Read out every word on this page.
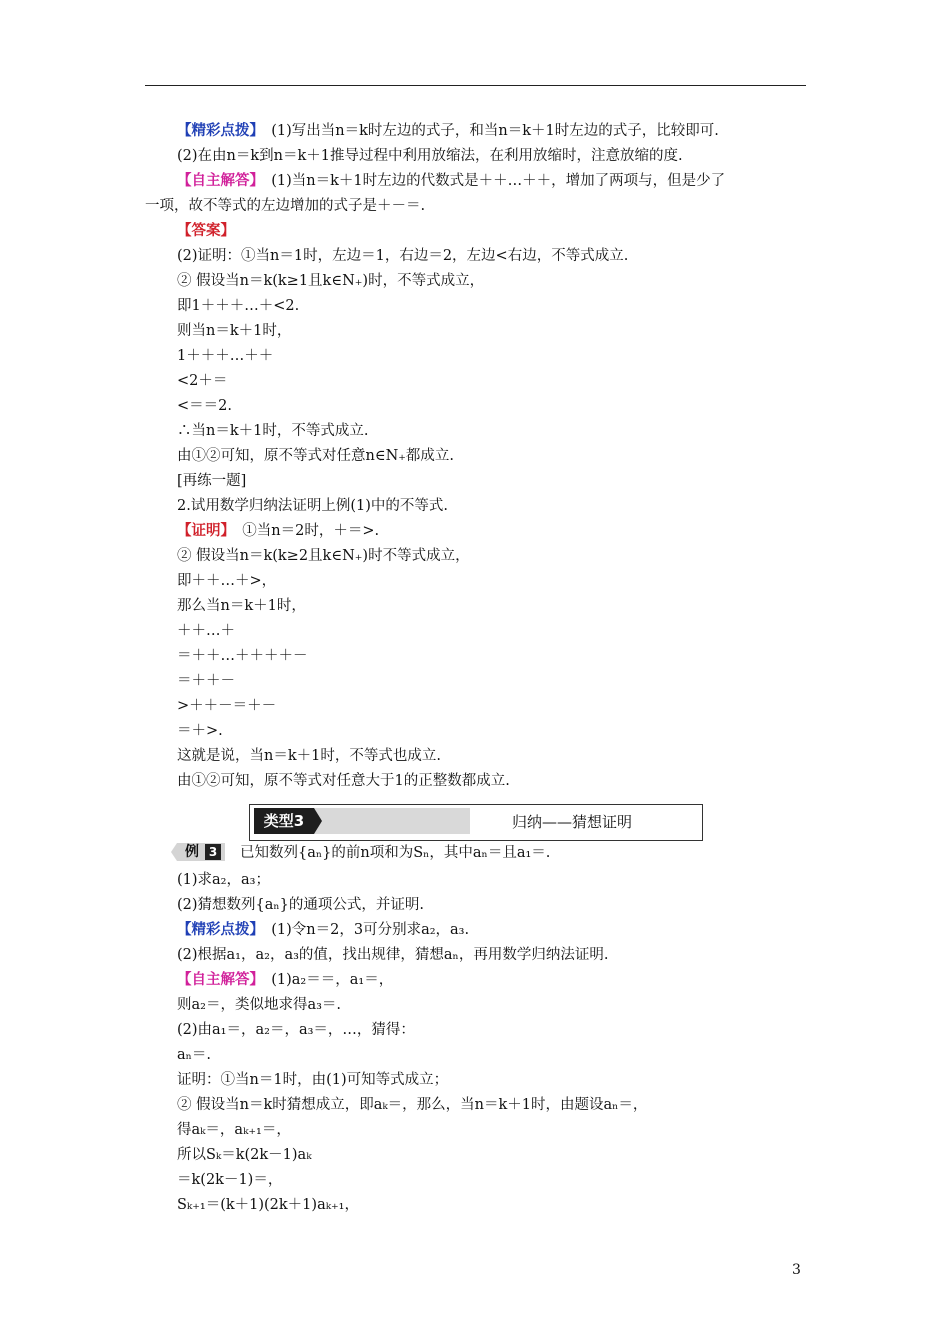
【精彩点拨】　(1)写出当n＝k时左边的式子，和当n＝k＋1时左边的式子，比较即可.
(2)在由n＝k到n＝k＋1推导过程中利用放缩法，在利用放缩时，注意放缩的度.
【自主解答】　(1)当n＝k＋1时左边的代数式是＋＋…＋＋，增加了两项与，但是少了
一项，故不等式的左边增加的式子是＋－＝.
【答案】
(2)证明：①当n＝1时，左边＝1，右边＝2，左边<右边，不等式成立.
② 假设当n＝k(k≥1且k∈N₊)时，不等式成立，
即1＋＋＋…＋<2.
则当n＝k＋1时，
1＋＋＋…＋＋
<2＋＝
<＝＝2.
∴当n＝k＋1时，不等式成立.
由①②可知，原不等式对任意n∈N₊都成立.
[再练一题]
2.试用数学归纳法证明上例(1)中的不等式.
【证明】　①当n＝2时，＋＝>.
② 假设当n＝k(k≥2且k∈N₊)时不等式成立，
即＋＋…＋>，
那么当n＝k＋1时，
＋＋…＋
＝＋＋…＋＋＋＋－
＝＋＋－
>＋＋－＝＋－
＝＋>.
这就是说，当n＝k＋1时，不等式也成立.
由①②可知，原不等式对任意大于1的正整数都成立.
类型3	归纳——猜想证明
例 3 已知数列{aₙ}的前n项和为Sₙ，其中aₙ＝且a₁＝.
(1)求a₂，a₃；
(2)猜想数列{aₙ}的通项公式，并证明.
【精彩点拨】　(1)令n＝2，3可分别求a₂，a₃.
(2)根据a₁，a₂，a₃的值，找出规律，猜想aₙ，再用数学归纳法证明.
【自主解答】　(1)a₂＝＝，a₁＝，
则a₂＝，类似地求得a₃＝.
(2)由a₁＝，a₂＝，a₃＝，…，猜得：
aₙ＝.
证明：①当n＝1时，由(1)可知等式成立；
② 假设当n＝k时猜想成立，即aₖ＝，那么，当n＝k＋1时，由题设aₙ＝，
得aₖ＝，aₖ₊₁＝，
所以Sₖ＝k(2k－1)aₖ
＝k(2k－1)＝，
Sₖ₊₁＝(k＋1)(2k＋1)aₖ₊₁，
3
